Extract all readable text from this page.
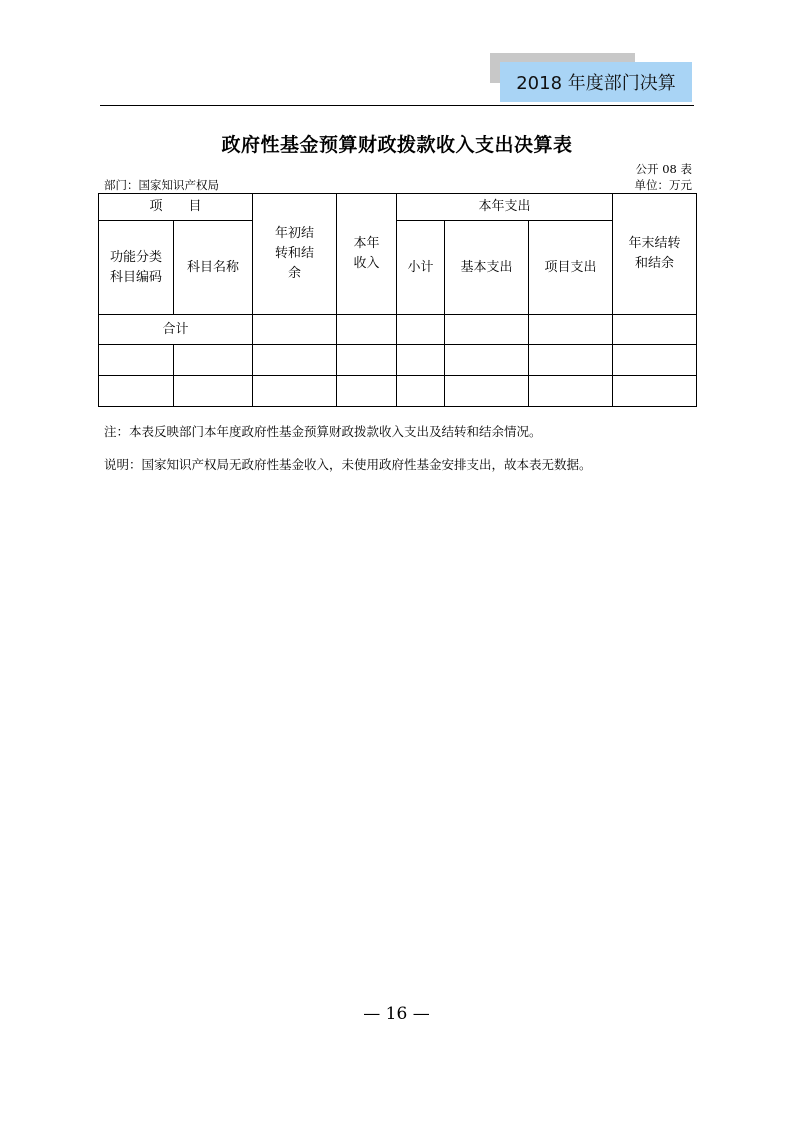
2018 年度部门决算
政府性基金预算财政拨款收入支出决算表
公开 08 表
部门：国家知识产权局	单位：万元
项　　目		年初结转和结余	本年收入	本年支出			年末结转和结余

功能分类科目编码	科目名称			小计	基本支出	项目支出	
合计							

注：本表反映部门本年度政府性基金预算财政拨款收入支出及结转和结余情况。
说明：国家知识产权局无政府性基金收入，未使用政府性基金安排支出，故本表无数据。
— 16 —
